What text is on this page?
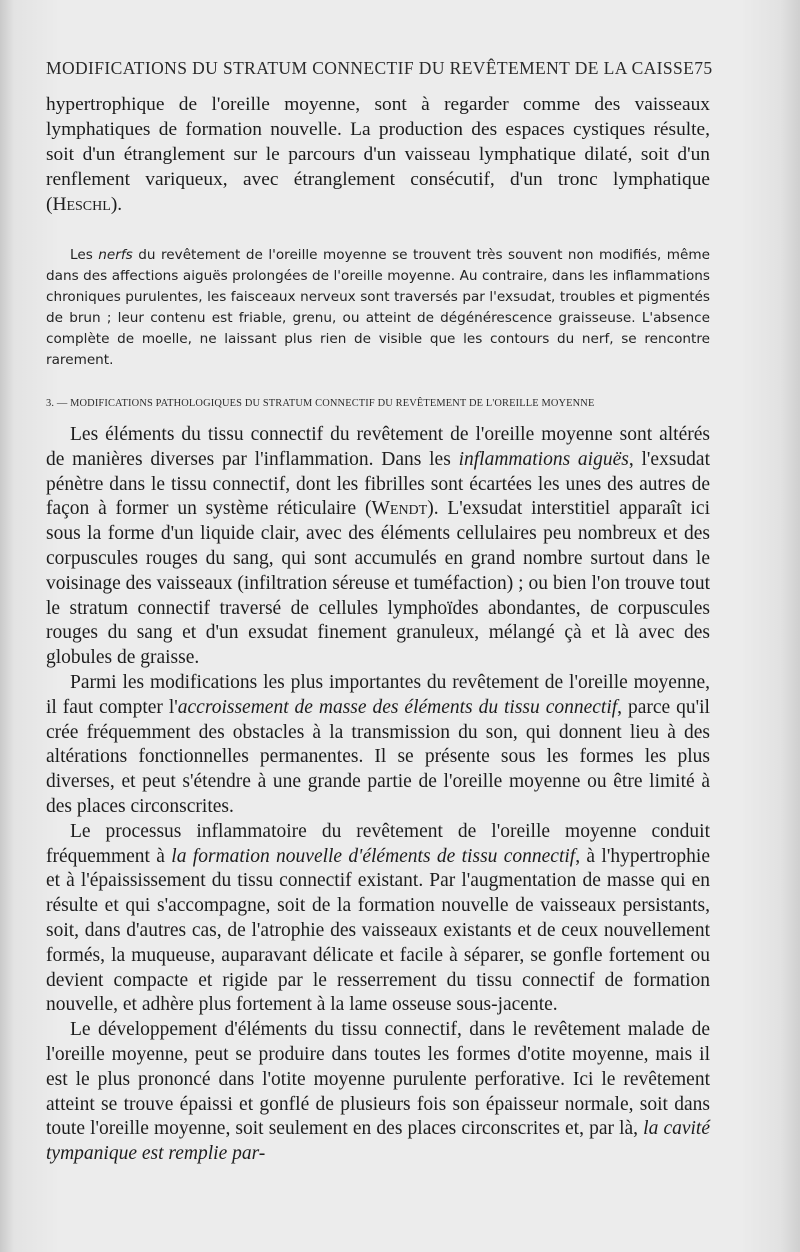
MODIFICATIONS DU STRATUM CONNECTIF DU REVÊTEMENT DE LA CAISSE 75

hypertrophique de l'oreille moyenne, sont à regarder comme des vaisseaux lymphatiques de formation nouvelle. La production des espaces cystiques résulte, soit d'un étranglement sur le parcours d'un vaisseau lymphatique dilaté, soit d'un renflement variqueux, avec étranglement consécutif, d'un tronc lymphatique (Heschl).

Les nerfs du revêtement de l'oreille moyenne se trouvent très souvent non modifiés, même dans des affections aiguës prolongées de l'oreille moyenne. Au contraire, dans les inflammations chroniques purulentes, les faisceaux nerveux sont traversés par l'exsudat, troubles et pigmentés de brun ; leur contenu est friable, grenu, ou atteint de dégénérescence graisseuse. L'absence complète de moelle, ne laissant plus rien de visible que les contours du nerf, se rencontre rarement.

3. — MODIFICATIONS PATHOLOGIQUES DU STRATUM CONNECTIF DU REVÊTEMENT DE L'OREILLE MOYENNE

Les éléments du tissu connectif du revêtement de l'oreille moyenne sont altérés de manières diverses par l'inflammation. Dans les inflammations aiguës, l'exsudat pénètre dans le tissu connectif, dont les fibrilles sont écartées les unes des autres de façon à former un système réticulaire (Wendt). L'exsudat interstitiel apparaît ici sous la forme d'un liquide clair, avec des éléments cellulaires peu nombreux et des corpuscules rouges du sang, qui sont accumulés en grand nombre surtout dans le voisinage des vaisseaux (infiltration séreuse et tuméfaction) ; ou bien l'on trouve tout le stratum connectif traversé de cellules lymphoïdes abondantes, de corpuscules rouges du sang et d'un exsudat finement granuleux, mélangé çà et là avec des globules de graisse.

Parmi les modifications les plus importantes du revêtement de l'oreille moyenne, il faut compter l'accroissement de masse des éléments du tissu connectif, parce qu'il crée fréquemment des obstacles à la transmission du son, qui donnent lieu à des altérations fonctionnelles permanentes. Il se présente sous les formes les plus diverses, et peut s'étendre à une grande partie de l'oreille moyenne ou être limité à des places circonscrites.

Le processus inflammatoire du revêtement de l'oreille moyenne conduit fréquemment à la formation nouvelle d'éléments de tissu connectif, à l'hypertrophie et à l'épaississement du tissu connectif existant. Par l'augmentation de masse qui en résulte et qui s'accompagne, soit de la formation nouvelle de vaisseaux persistants, soit, dans d'autres cas, de l'atrophie des vaisseaux existants et de ceux nouvellement formés, la muqueuse, auparavant délicate et facile à séparer, se gonfle fortement ou devient compacte et rigide par le resserrement du tissu connectif de formation nouvelle, et adhère plus fortement à la lame osseuse sous-jacente.

Le développement d'éléments du tissu connectif, dans le revêtement malade de l'oreille moyenne, peut se produire dans toutes les formes d'otite moyenne, mais il est le plus prononcé dans l'otite moyenne purulente perforative. Ici le revêtement atteint se trouve épaissi et gonflé de plusieurs fois son épaisseur normale, soit dans toute l'oreille moyenne, soit seulement en des places circonscrites et, par là, la cavité tympanique est remplie par-
